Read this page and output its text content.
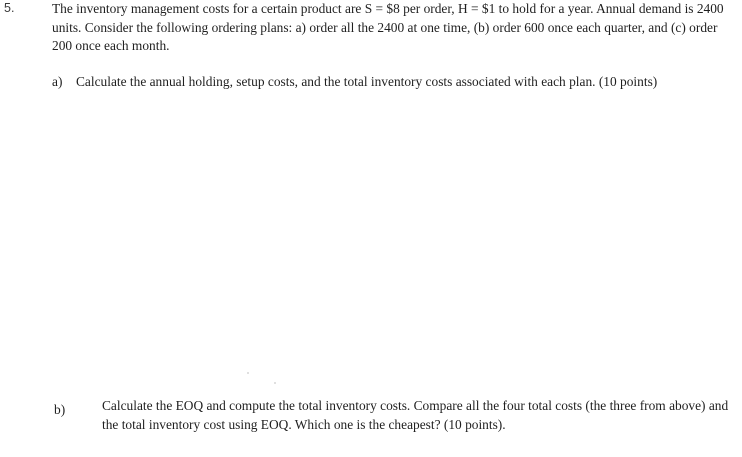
5.	The inventory management costs for a certain product are S = $8 per order, H = $1 to hold for a year. Annual demand is 2400 units. Consider the following ordering plans: a) order all the 2400 at one time, (b) order 600 once each quarter, and (c) order 200 once each month.

a) Calculate the annual holding, setup costs, and the total inventory costs associated with each plan. (10 points)
b)	Calculate the EOQ and compute the total inventory costs. Compare all the four total costs (the three from above) and the total inventory cost using EOQ. Which one is the cheapest? (10 points).
